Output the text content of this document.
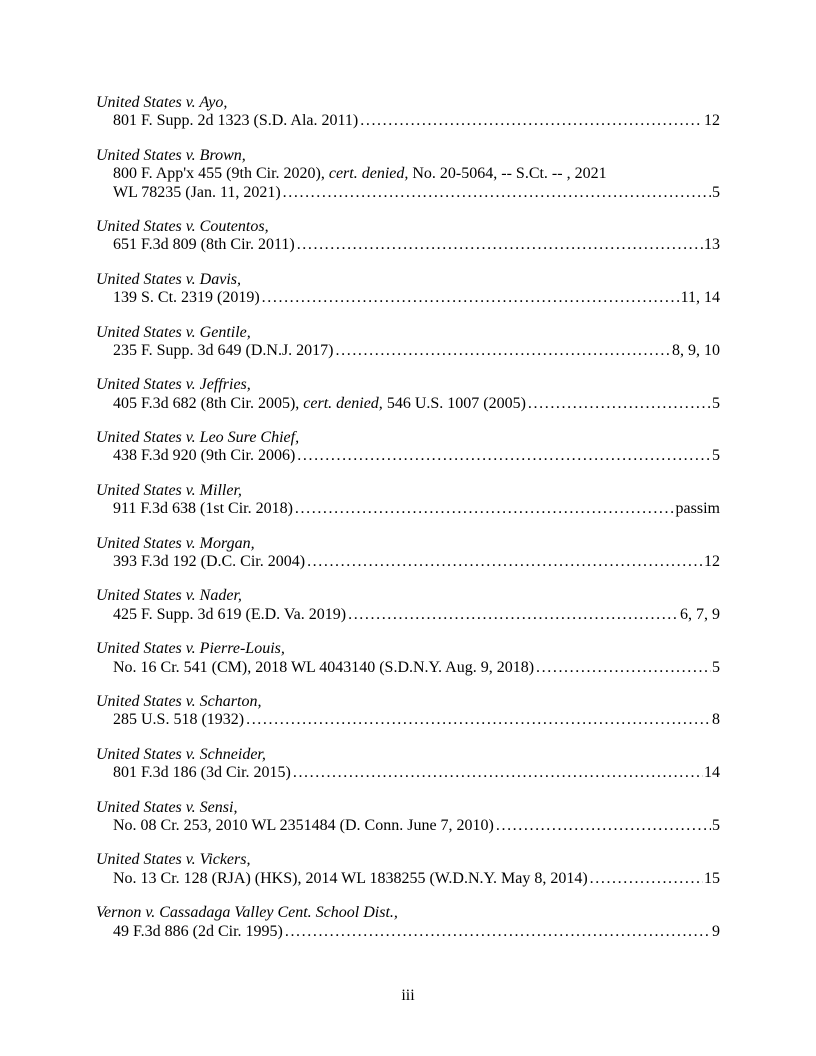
United States v. Ayo,

801 F. Supp. 2d 1323 (S.D. Ala. 2011) .....	12

United States v. Brown,

800 F. App'x 455 (9th Cir. 2020), cert. denied, No. 20-5064, -- S.Ct. -- , 2021

WL 78235 (Jan. 11, 2021) .....	5

United States v. Coutentos,

651 F.3d 809 (8th Cir. 2011) .....	13

United States v. Davis,

139 S. Ct. 2319 (2019) .....	11, 14

United States v. Gentile,

235 F. Supp. 3d 649 (D.N.J. 2017) .....	8, 9, 10

United States v. Jeffries,

405 F.3d 682 (8th Cir. 2005), cert. denied, 546 U.S. 1007 (2005) .....	5

United States v. Leo Sure Chief,

438 F.3d 920 (9th Cir. 2006) .....	5

United States v. Miller,

911 F.3d 638 (1st Cir. 2018) .....	passim

United States v. Morgan,

393 F.3d 192 (D.C. Cir. 2004) .....	12

United States v. Nader,

425 F. Supp. 3d 619 (E.D. Va. 2019) .....	6, 7, 9

United States v. Pierre-Louis,

No. 16 Cr. 541 (CM), 2018 WL 4043140 (S.D.N.Y. Aug. 9, 2018) .....	5

United States v. Scharton,

285 U.S. 518 (1932) .....	8

United States v. Schneider,

801 F.3d 186 (3d Cir. 2015) .....	14

United States v. Sensi,

No. 08 Cr. 253, 2010 WL 2351484 (D. Conn. June 7, 2010) .....	5

United States v. Vickers,

No. 13 Cr. 128 (RJA) (HKS), 2014 WL 1838255 (W.D.N.Y. May 8, 2014) .....	15

Vernon v. Cassadaga Valley Cent. School Dist.,

49 F.3d 886 (2d Cir. 1995) .....	9

iii
